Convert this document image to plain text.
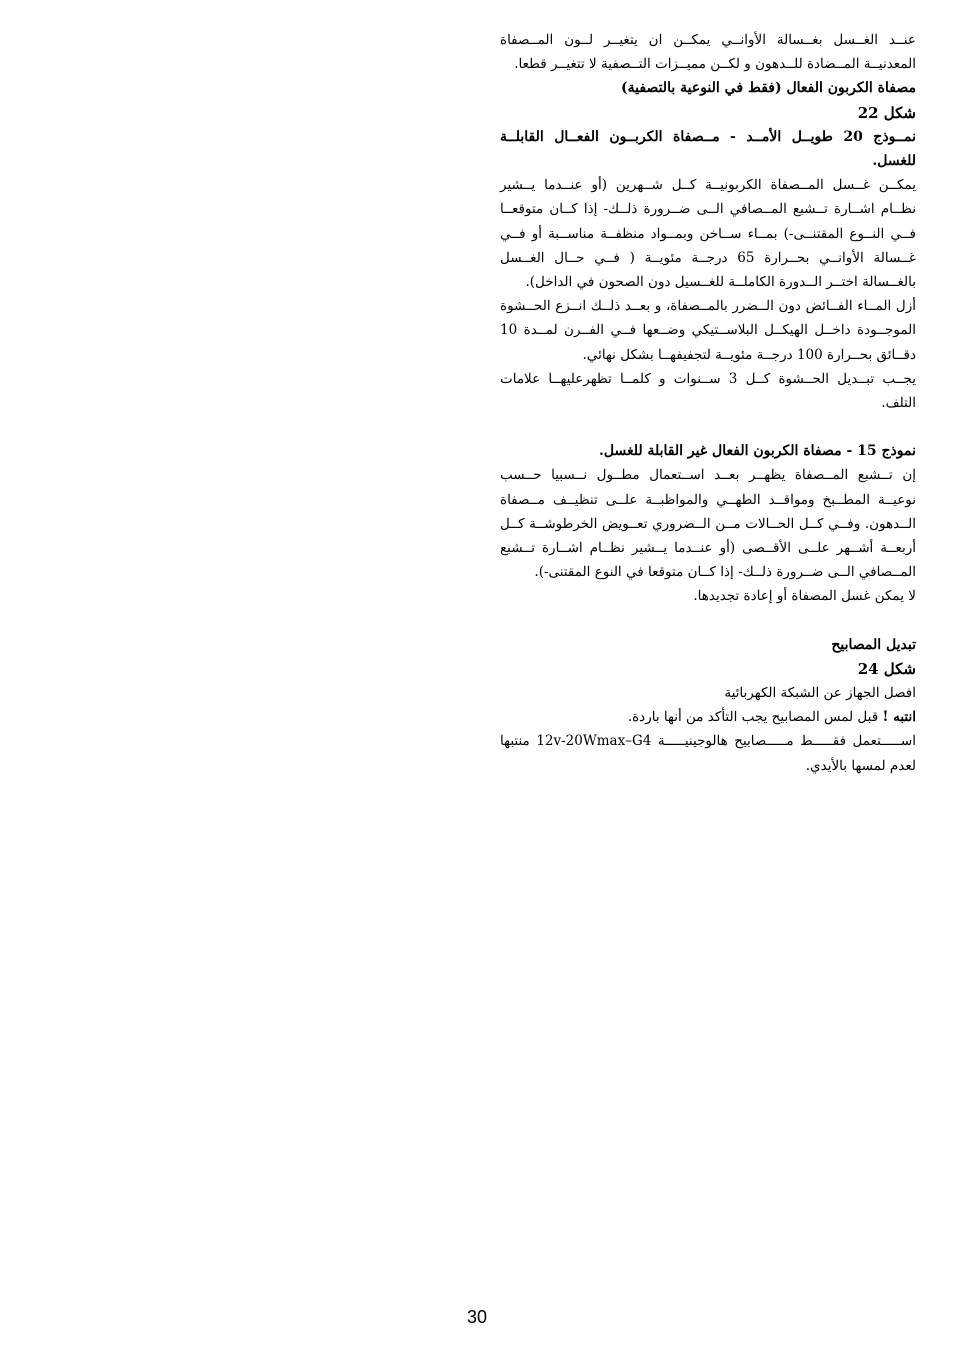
عنــد الغــسل بغــسالة الأوانــي يمكــن ان يتغيــر لــون المــصفاة المعدنيــة المــضادة للــدهون و لكــن مميــزات التــصفية لا تتغيــر قطعا.

مصفاة الكربون الفعال (فقط في النوعية بالتصفية)

شكل 22

نمــوذج 20 طويــل الأمــد - مــصفاة الكربــون الفعــال القابلــة للغسل.

يمكــن غــسل المــصفاة الكربونيــة كــل شــهرين (أو عنــدما يــشير نظــام اشــارة تــشبع المــصافي الــى ضــرورة ذلــك- إذا كــان متوقعــا فــي النــوع المقتنــى-) بمــاء ســاخن وبمــواد منظفــة مناســبة أو فــي غــسالة الأوانــي بحــرارة 65 درجــة مئويــة ( فــي حــال الغــسل بالغــسالة اختــر الــدورة الكاملــة للغــسيل دون الصحون في الداخل).

أزل المــاء الفــائض دون الــضرر بالمــصفاة، و بعــد ذلــك انــزع الحــشوة الموجــودة داخــل الهيكــل البلاســتيكي وضــعها فــي الفــرن لمــدة 10 دقــائق بحــرارة 100 درجــة مئويــة لتجفيفهــا بشكل نهائي.

يجــب تبــديل الحــشوة كــل 3 ســنوات و كلمــا تظهرعليهــا علامات التلف.

نموذج 15 - مصفاة الكربون الفعال غير القابلة للغسل.

إن تــشبع المــصفاة يظهــر بعــد اســتعمال مطــول نــسبيا حــسب نوعيــة المطــبخ ومواقــد الطهــي والمواظبــة علــى تنظيــف مــصفاة الــدهون. وفــي كــل الحــالات مــن الــضروري تعــويض الخرطوشــة كــل أربعــة أشــهر علــى الأقــصى (أو عنــدما يــشير نظــام اشــارة تــشبع المــصافي الــى ضــرورة ذلــك- إذا كــان متوقعا في النوع المقتنى-).

لا يمكن غسل المصفاة أو إعادة تجديدها.

تبديل المصابيح

شكل 24

افصل الجهاز عن الشبكة الكهربائية

انتبه ! قبل لمس المصابيح يجب التأكد من أنها باردة.

اســـــتعمل فقـــــط مـــــصابيح هالوجينيـــــة 12v-20Wmax–G4 منتبها لعدم لمسها بالأيدي.

30
